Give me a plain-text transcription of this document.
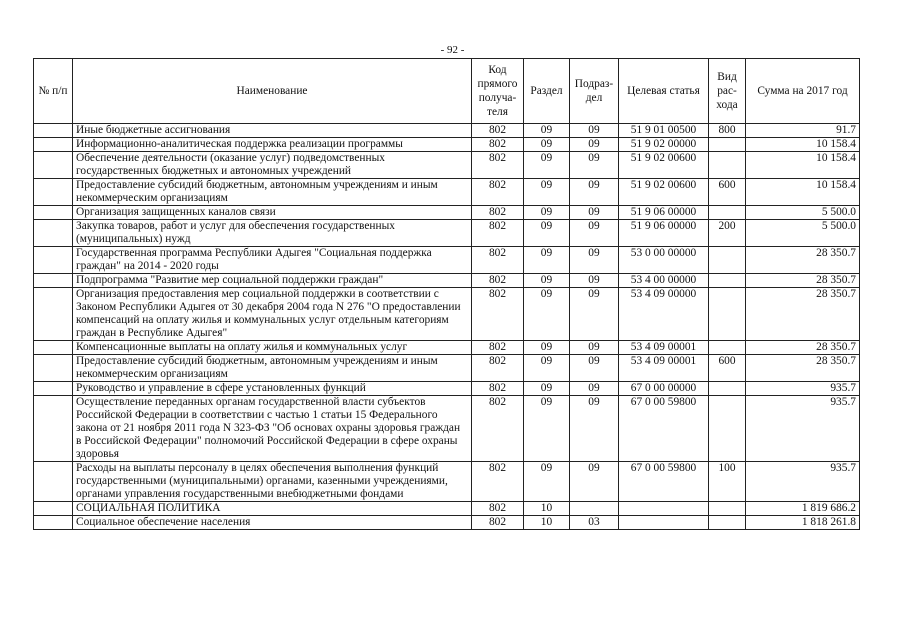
- 92 -
№ п/п	Наименование	Код прямого получа-теля	Раздел	Подраз-дел	Целевая статья	Вид рас-хода	Сумма на 2017 год
	Иные бюджетные ассигнования	802	09	09	51 9 01 00500	800	91.7
	Информационно-аналитическая поддержка реализации программы	802	09	09	51 9 02 00000		10 158.4
	Обеспечение деятельности (оказание услуг) подведомственных государственных бюджетных и автономных учреждений	802	09	09	51 9 02 00600		10 158.4
	Предоставление субсидий бюджетным, автономным учреждениям и иным некоммерческим организациям	802	09	09	51 9 02 00600	600	10 158.4
	Организация защищенных каналов связи	802	09	09	51 9 06 00000		5 500.0
	Закупка товаров, работ и услуг для обеспечения государственных (муниципальных) нужд	802	09	09	51 9 06 00000	200	5 500.0
	Государственная программа Республики Адыгея "Социальная поддержка граждан" на 2014 - 2020 годы	802	09	09	53 0 00 00000		28 350.7
	Подпрограмма "Развитие мер социальной поддержки граждан"	802	09	09	53 4 00 00000		28 350.7
	Организация предоставления мер социальной поддержки в соответствии с Законом Республики Адыгея от 30 декабря 2004 года N 276 "О предоставлении компенсаций на оплату жилья и коммунальных услуг отдельным категориям граждан в Республике Адыгея"	802	09	09	53 4 09 00000		28 350.7
	Компенсационные выплаты на оплату жилья и коммунальных услуг	802	09	09	53 4 09 00001		28 350.7
	Предоставление субсидий бюджетным, автономным учреждениям и иным некоммерческим организациям	802	09	09	53 4 09 00001	600	28 350.7
	Руководство и управление в сфере установленных функций	802	09	09	67 0 00 00000		935.7
	Осуществление переданных органам государственной власти субъектов Российской Федерации в соответствии с частью 1 статьи 15 Федерального закона от 21 ноября 2011 года N 323-ФЗ "Об основах охраны здоровья граждан в Российской Федерации" полномочий Российской Федерации в сфере охраны здоровья	802	09	09	67 0 00 59800		935.7
	Расходы на выплаты персоналу в целях обеспечения выполнения функций государственными (муниципальными) органами, казенными учреждениями, органами управления государственными внебюджетными фондами	802	09	09	67 0 00 59800	100	935.7
	СОЦИАЛЬНАЯ ПОЛИТИКА	802	10				1 819 686.2
	Социальное обеспечение населения	802	10	03			1 818 261.8
